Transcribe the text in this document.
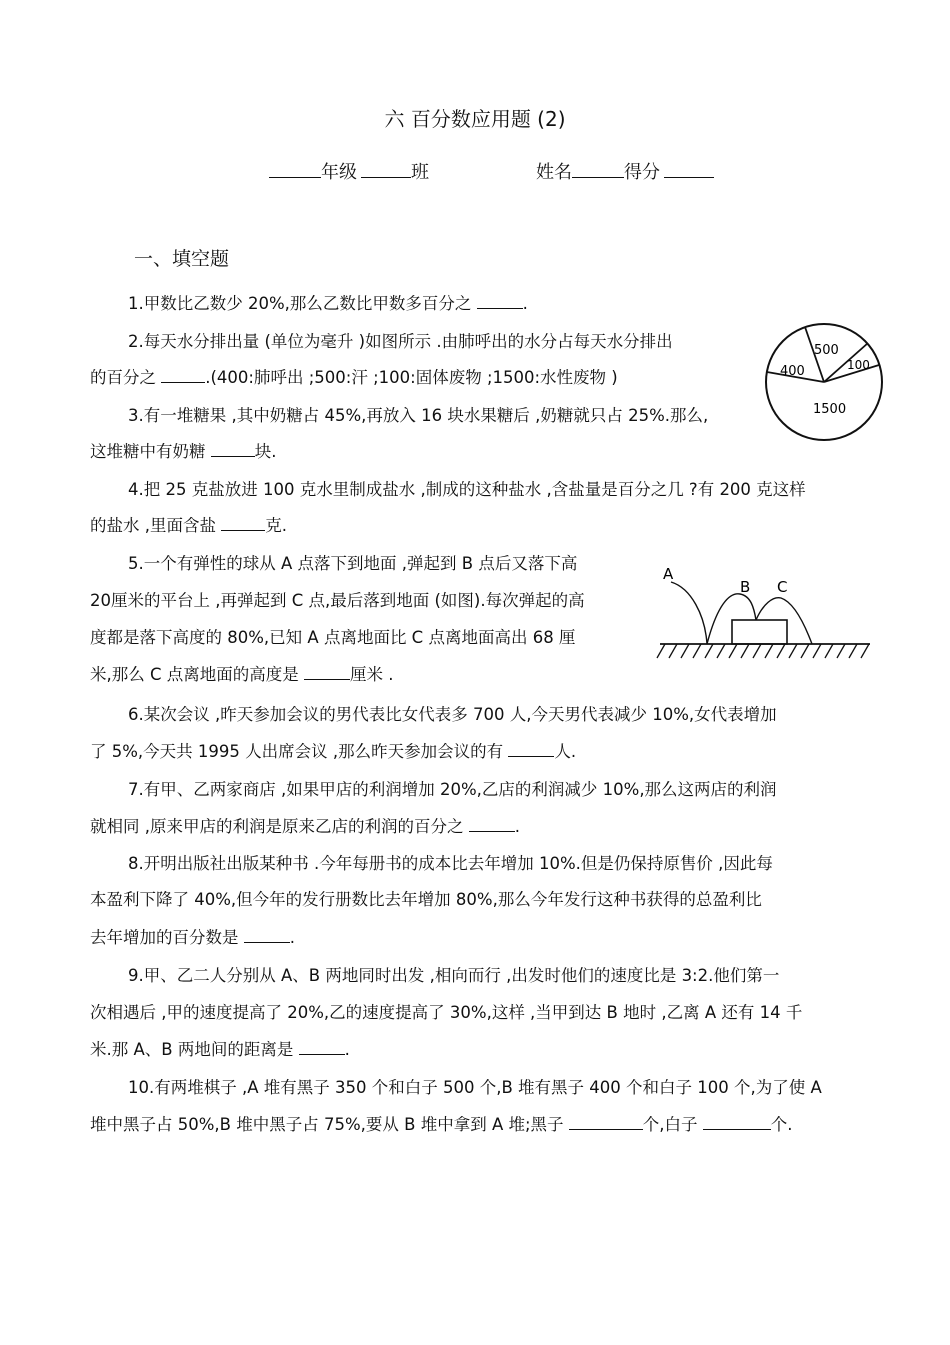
六 百分数应用题 (2)
年级	班	姓名	得分
一、填空题
1.甲数比乙数少 20%,那么乙数比甲数多百分之	.
2.每天水分排出量 (单位为毫升 )如图所示 .由肺呼出的水分占每天水分排出
的百分之	.(400:肺呼出 ;500:汗 ;100:固体废物 ;1500:水性废物 )
500
100
400
1500
3.有一堆糖果 ,其中奶糖占 45%,再放入 16 块水果糖后 ,奶糖就只占 25%.那么,
这堆糖中有奶糖	块.
4.把 25 克盐放进 100 克水里制成盐水 ,制成的这种盐水 ,含盐量是百分之几 ?有 200 克这样
的盐水 ,里面含盐	克.
5.一个有弹性的球从 A 点落下到地面 ,弹起到 B 点后又落下高
20厘米的平台上 ,再弹起到 C 点,最后落到地面 (如图).每次弹起的高
度都是落下高度的 80%,已知 A 点离地面比 C 点离地面高出 68 厘
米,那么 C 点离地面的高度是	厘米 .
A
B C
6.某次会议 ,昨天参加会议的男代表比女代表多 700 人,今天男代表减少 10%,女代表增加
了 5%,今天共 1995 人出席会议 ,那么昨天参加会议的有	人.
7.有甲、乙两家商店 ,如果甲店的利润增加 20%,乙店的利润减少 10%,那么这两店的利润
就相同 ,原来甲店的利润是原来乙店的利润的百分之	.
8.开明出版社出版某种书 .今年每册书的成本比去年增加 10%.但是仍保持原售价 ,因此每
本盈利下降了 40%,但今年的发行册数比去年增加 80%,那么今年发行这种书获得的总盈利比
去年增加的百分数是	.
9.甲、乙二人分别从 A、B 两地同时出发 ,相向而行 ,出发时他们的速度比是 3:2.他们第一
次相遇后 ,甲的速度提高了 20%,乙的速度提高了 30%,这样 ,当甲到达 B 地时 ,乙离 A 还有 14 千
米.那 A、B 两地间的距离是	.
10.有两堆棋子 ,A 堆有黑子 350 个和白子 500 个,B 堆有黑子 400 个和白子 100 个,为了使 A
堆中黑子占 50%,B 堆中黑子占 75%,要从 B 堆中拿到 A 堆;黑子	个,白子	个.
